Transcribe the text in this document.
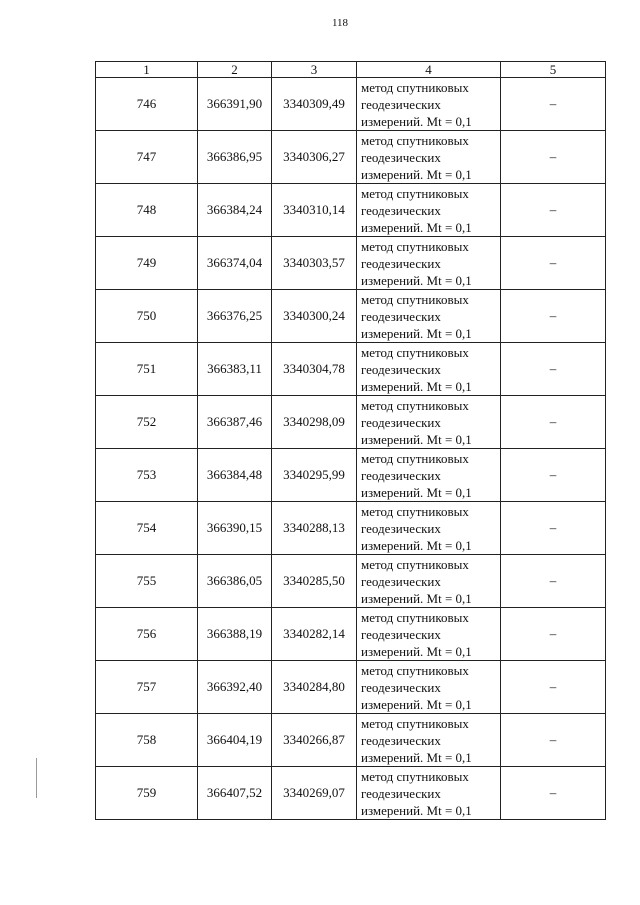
118
1	2	3	4	5
746	366391,90	3340309,49	метод спутниковых геодезических измерений. Mt = 0,1	–
747	366386,95	3340306,27	метод спутниковых геодезических измерений. Mt = 0,1	–
748	366384,24	3340310,14	метод спутниковых геодезических измерений. Mt = 0,1	–
749	366374,04	3340303,57	метод спутниковых геодезических измерений. Mt = 0,1	–
750	366376,25	3340300,24	метод спутниковых геодезических измерений. Mt = 0,1	–
751	366383,11	3340304,78	метод спутниковых геодезических измерений. Mt = 0,1	–
752	366387,46	3340298,09	метод спутниковых геодезических измерений. Mt = 0,1	–
753	366384,48	3340295,99	метод спутниковых геодезических измерений. Mt = 0,1	–
754	366390,15	3340288,13	метод спутниковых геодезических измерений. Mt = 0,1	–
755	366386,05	3340285,50	метод спутниковых геодезических измерений. Mt = 0,1	–
756	366388,19	3340282,14	метод спутниковых геодезических измерений. Mt = 0,1	–
757	366392,40	3340284,80	метод спутниковых геодезических измерений. Mt = 0,1	–
758	366404,19	3340266,87	метод спутниковых геодезических измерений. Mt = 0,1	–
759	366407,52	3340269,07	метод спутниковых геодезических измерений. Mt = 0,1	–
